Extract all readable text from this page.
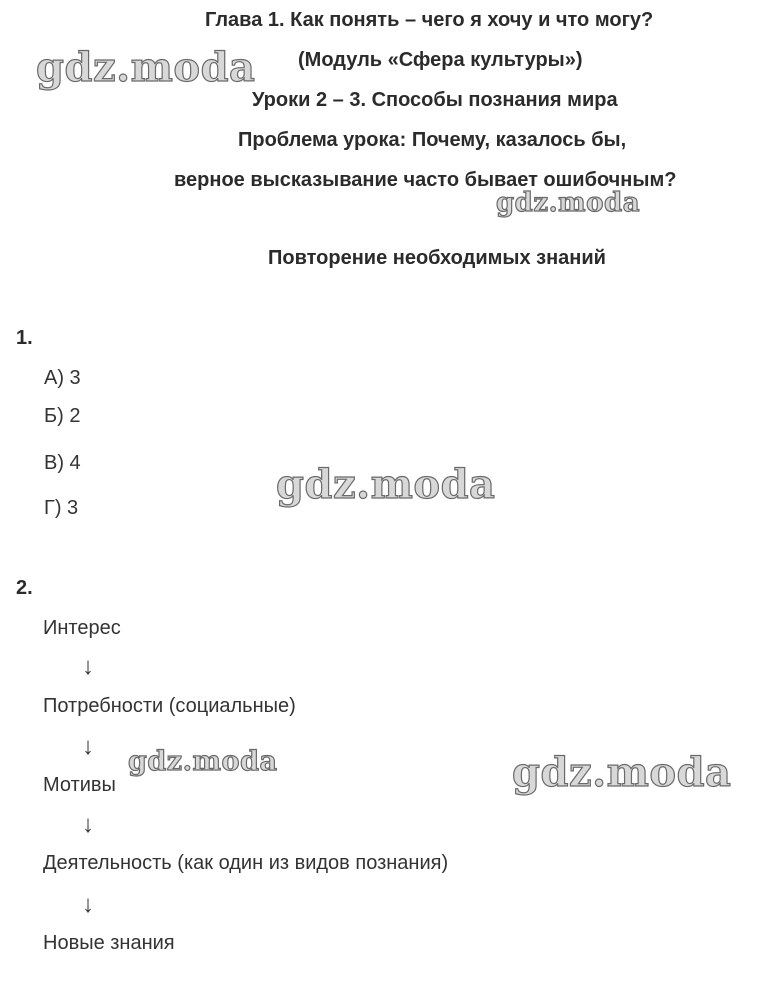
Глава 1. Как понять – чего я хочу и что могу?
(Модуль «Сфера культуры»)
Уроки 2 – 3. Способы познания мира
Проблема урока: Почему, казалось бы,
верное высказывание часто бывает ошибочным?
Повторение необходимых знаний
1.
А) 3
Б) 2
В) 4
Г) 3
2.
Интерес
↓
Потребности (социальные)
↓
Мотивы
↓
Деятельность (как один из видов познания)
↓
Новые знания
gdz.moda
gdz.moda
gdz.moda
gdz.moda	gdz.moda
